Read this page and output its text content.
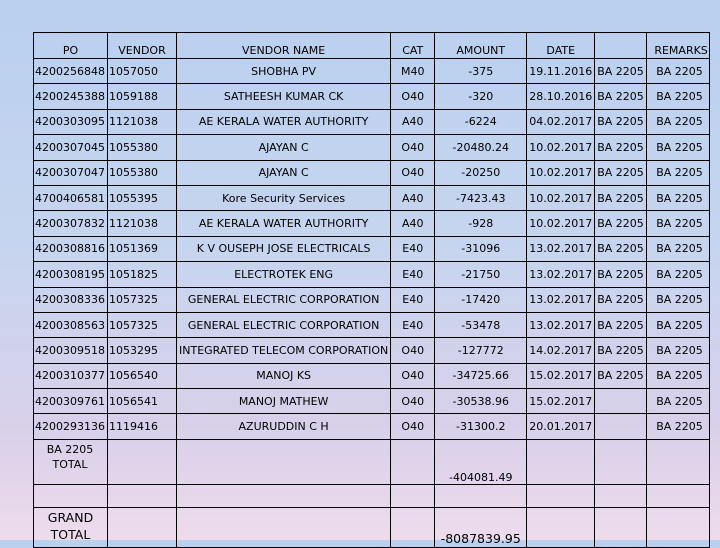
PO	VENDOR	VENDOR NAME	CAT	AMOUNT	DATE		REMARKS
4200256848	1057050	SHOBHA PV	M40	-375	19.11.2016	BA 2205	BA 2205
4200245388	1059188	SATHEESH KUMAR CK	O40	-320	28.10.2016	BA 2205	BA 2205
4200303095	1121038	AE KERALA WATER AUTHORITY	A40	-6224	04.02.2017	BA 2205	BA 2205
4200307045	1055380	AJAYAN C	O40	-20480.24	10.02.2017	BA 2205	BA 2205
4200307047	1055380	AJAYAN C	O40	-20250	10.02.2017	BA 2205	BA 2205
4700406581	1055395	Kore Security Services	A40	-7423.43	10.02.2017	BA 2205	BA 2205
4200307832	1121038	AE KERALA WATER AUTHORITY	A40	-928	10.02.2017	BA 2205	BA 2205
4200308816	1051369	K V OUSEPH JOSE ELECTRICALS	E40	-31096	13.02.2017	BA 2205	BA 2205
4200308195	1051825	ELECTROTEK ENG	E40	-21750	13.02.2017	BA 2205	BA 2205
4200308336	1057325	GENERAL ELECTRIC CORPORATION	E40	-17420	13.02.2017	BA 2205	BA 2205
4200308563	1057325	GENERAL ELECTRIC CORPORATION	E40	-53478	13.02.2017	BA 2205	BA 2205
4200309518	1053295	INTEGRATED TELECOM CORPORATION	O40	-127772	14.02.2017	BA 2205	BA 2205
4200310377	1056540	MANOJ KS	O40	-34725.66	15.02.2017	BA 2205	BA 2205
4200309761	1056541	MANOJ MATHEW	O40	-30538.96	15.02.2017		BA 2205
4200293136	1119416	AZURUDDIN C H	O40	-31300.2	20.01.2017		BA 2205

BA 2205
TOTAL				-404081.49			

GRAND
TOTAL				-8087839.95			
